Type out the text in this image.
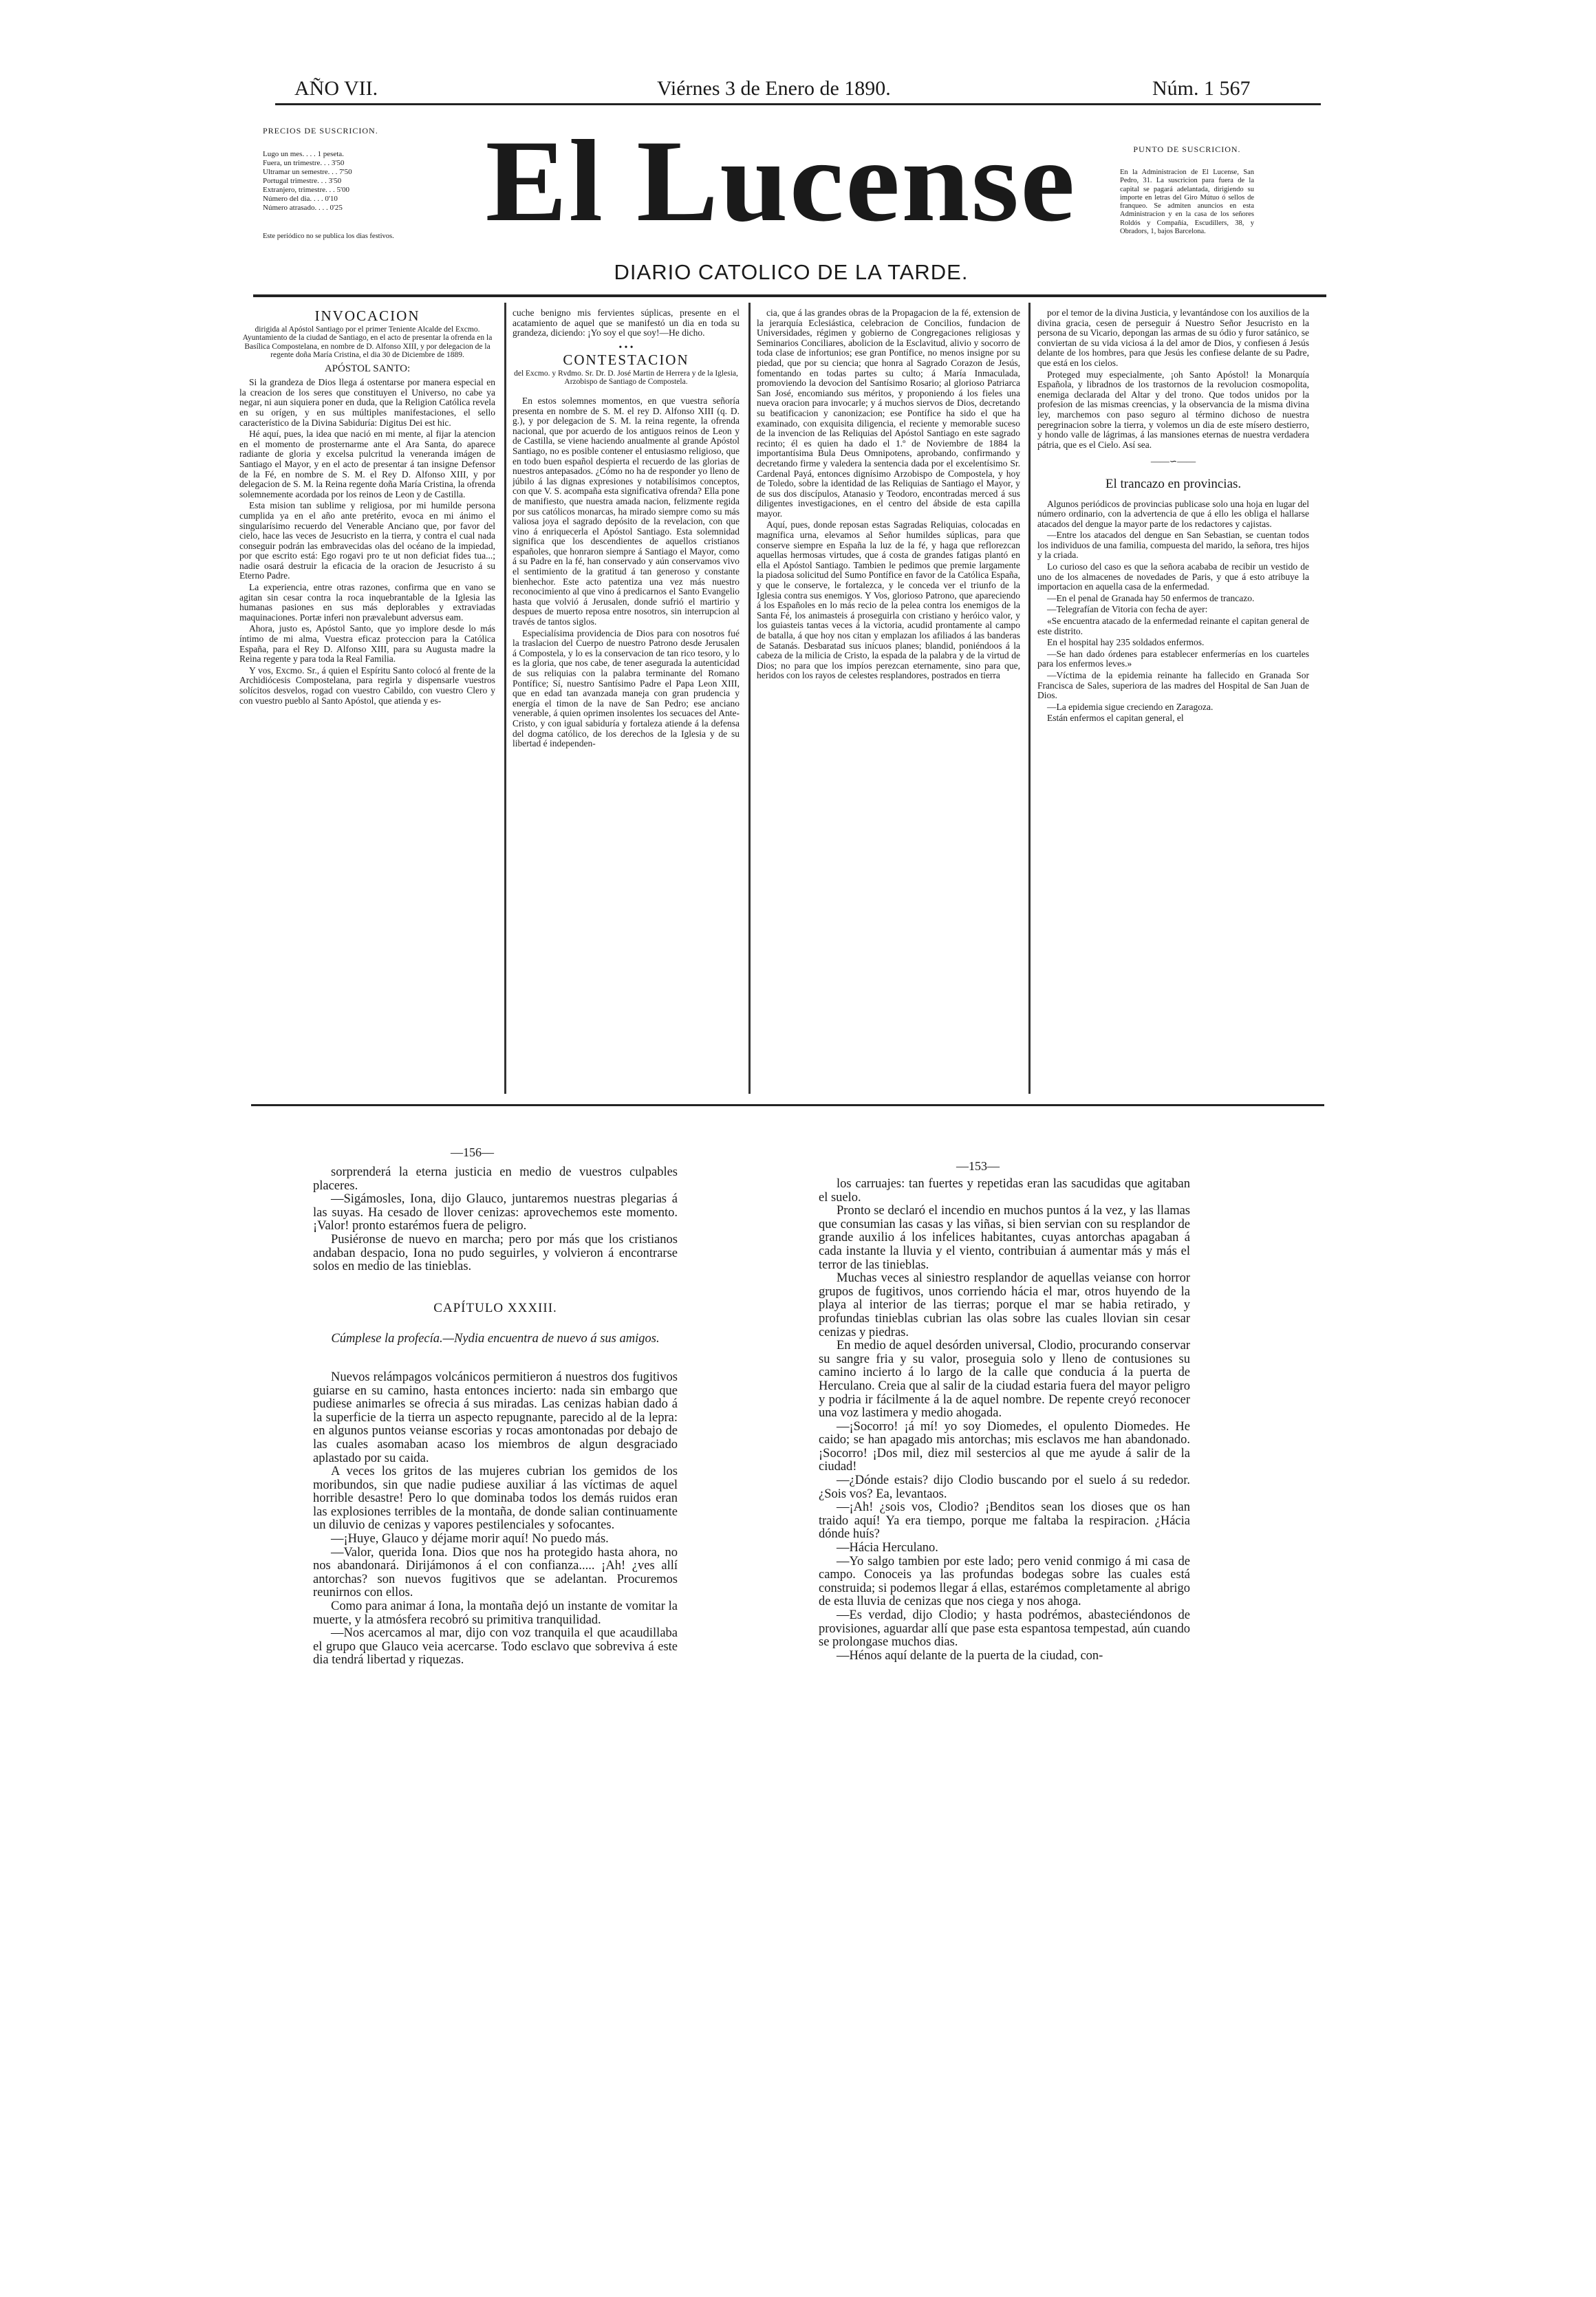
AÑO VII.	Viérnes 3 de Enero de 1890.	Núm. 1 567
PRECIOS DE SUSCRICION.
Lugo un mes. . . . 1 peseta.
Fuera, un trimestre. . . 3'50
Ultramar un semestre. . . 7'50
Portugal trimestre. . . 3'50
Extranjero, trimestre. . . 5'00
Número del dia. . . . 0'10
Número atrasado. . . . 0'25
Este periódico no se publica los dias festivos. El Lucense
DIARIO CATOLICO DE LA TARDE.
PUNTO DE SUSCRICION.
En la Administracion de El Lucense, San Pedro, 31. La suscricion para fuera de la capital se pagará adelantada, dirigiendo su importe en letras del Giro Mútuo ó sellos de franqueo. Se admiten anuncios en esta Administracion y en la casa de los señores Roldós y Compañía, Escudillers, 38, y Obradors, 1, bajos Barcelona.

INVOCACION

dirigida al Apóstol Santiago por el primer Teniente Alcalde del Excmo. Ayuntamiento de la ciudad de Santiago, en el acto de presentar la ofrenda en la Basílica Compostelana, en nombre de D. Alfonso XIII, y por delegacion de la regente doña María Cristina, el dia 30 de Diciembre de 1889.

APÓSTOL SANTO:

Si la grandeza de Dios llega á ostentarse por manera especial en la creacion de los seres que constituyen el Universo, no cabe ya negar, ni aun siquiera poner en duda, que la Religion Católica revela en su orígen, y en sus múltiples manifestaciones, el sello característico de la Divina Sabiduría: Digitus Dei est hic.

Hé aquí, pues, la idea que nació en mi mente, al fijar la atencion en el momento de prosternarme ante el Ara Santa, do aparece radiante de gloria y excelsa pulcritud la veneranda imágen de Santiago el Mayor, y en el acto de presentar á tan insigne Defensor de la Fé, en nombre de S. M. el Rey D. Alfonso XIII, y por delegacion de S. M. la Reina regente doña María Cristina, la ofrenda solemnemente acordada por los reinos de Leon y de Castilla.

Esta mision tan sublime y religiosa, por mi humilde persona cumplida ya en el año ante pretérito, evoca en mi ánimo el singularísimo recuerdo del Venerable Anciano que, por favor del cielo, hace las veces de Jesucristo en la tierra, y contra el cual nada conseguir podrán las embravecidas olas del océano de la impiedad, por que escrito está: Ego rogavi pro te ut non deficiat fides tua...; nadie osará destruir la eficacia de la oracion de Jesucristo á su Eterno Padre.

La experiencia, entre otras razones, confirma que en vano se agitan sin cesar contra la roca inquebrantable de la Iglesia las humanas pasiones en sus más deplorables y extraviadas maquinaciones. Portæ inferi non prævalebunt adversus eam.

Ahora, justo es, Apóstol Santo, que yo implore desde lo más íntimo de mi alma, Vuestra eficaz proteccion para la Católica España, para el Rey D. Alfonso XIII, para su Augusta madre la Reina regente y para toda la Real Familia.

Y vos, Excmo. Sr., á quien el Espíritu Santo colocó al frente de la Archidiócesis Compostelana, para regirla y dispensarle vuestros solícitos desvelos, rogad con vuestro Cabildo, con vuestro Clero y con vuestro pueblo al Santo Apóstol, que atienda y es-

cuche benigno mis fervientes súplicas, presente en el acatamiento de aquel que se manifestó un dia en toda su grandeza, diciendo: ¡Yo soy el que soy!—He dicho.

• • •

CONTESTACION

del Excmo. y Rvdmo. Sr. Dr. D. José Martin de Herrera y de la Iglesia, Arzobispo de Santiago de Compostela.

En estos solemnes momentos, en que vuestra señoría presenta en nombre de S. M. el rey D. Alfonso XIII (q. D. g.), y por delegacion de S. M. la reina regente, la ofrenda nacional, que por acuerdo de los antiguos reinos de Leon y de Castilla, se viene haciendo anualmente al grande Apóstol Santiago, no es posible contener el entusiasmo religioso, que en todo buen español despierta el recuerdo de las glorias de nuestros antepasados. ¿Cómo no ha de responder yo lleno de júbilo á las dignas expresiones y notabilísimos conceptos, con que V. S. acompaña esta significativa ofrenda? Ella pone de manifiesto, que nuestra amada nacion, felizmente regida por sus católicos monarcas, ha mirado siempre como su más valiosa joya el sagrado depósito de la revelacion, con que vino á enriquecerla el Apóstol Santiago. Esta solemnidad significa que los descendientes de aquellos cristianos españoles, que honraron siempre á Santiago el Mayor, como á su Padre en la fé, han conservado y aún conservamos vivo el sentimiento de la gratitud á tan generoso y constante bienhechor. Este acto patentiza una vez más nuestro reconocimiento al que vino á predicarnos el Santo Evangelio hasta que volvió á Jerusalen, donde sufrió el martirio y despues de muerto reposa entre nosotros, sin interrupcion al través de tantos siglos.

Especialísima providencia de Dios para con nosotros fué la traslacion del Cuerpo de nuestro Patrono desde Jerusalen á Compostela, y lo es la conservacion de tan rico tesoro, y lo es la gloria, que nos cabe, de tener asegurada la autenticidad de sus reliquias con la palabra terminante del Romano Pontífice; Sí, nuestro Santísimo Padre el Papa Leon XIII, que en edad tan avanzada maneja con gran prudencia y energía el timon de la nave de San Pedro; ese anciano venerable, á quien oprimen insolentes los secuaces del Ante-Cristo, y con igual sabiduría y fortaleza atiende á la defensa del dogma católico, de los derechos de la Iglesia y de su libertad é independen-

cia, que á las grandes obras de la Propagacion de la fé, extension de la jerarquía Eclesiástica, celebracion de Concilios, fundacion de Universidades, régimen y gobierno de Congregaciones religiosas y Seminarios Conciliares, abolicion de la Esclavitud, alivio y socorro de toda clase de infortunios; ese gran Pontífice, no menos insigne por su piedad, que por su ciencia; que honra al Sagrado Corazon de Jesús, fomentando en todas partes su culto; á María Inmaculada, promoviendo la devocion del Santísimo Rosario; al glorioso Patriarca San José, encomiando sus méritos, y proponiendo á los fieles una nueva oracion para invocarle; y á muchos siervos de Dios, decretando su beatificacion y canonizacion; ese Pontífice ha sido el que ha examinado, con exquisita diligencia, el reciente y memorable suceso de la invencion de las Reliquias del Apóstol Santiago en este sagrado recinto; él es quien ha dado el 1.º de Noviembre de 1884 la importantísima Bula Deus Omnipotens, aprobando, confirmando y decretando firme y valedera la sentencia dada por el excelentísimo Sr. Cardenal Payá, entonces dignísimo Arzobispo de Compostela, y hoy de Toledo, sobre la identidad de las Reliquias de Santiago el Mayor, y de sus dos discípulos, Atanasio y Teodoro, encontradas merced á sus diligentes investigaciones, en el centro del ábside de esta capilla mayor.

Aquí, pues, donde reposan estas Sagradas Reliquias, colocadas en magnífica urna, elevamos al Señor humildes súplicas, para que conserve siempre en España la luz de la fé, y haga que reflorezcan aquellas hermosas virtudes, que á costa de grandes fatigas plantó en ella el Apóstol Santiago. Tambien le pedimos que premie largamente la piadosa solicitud del Sumo Pontífice en favor de la Católica España, y que le conserve, le fortalezca, y le conceda ver el triunfo de la Iglesia contra sus enemigos. Y Vos, glorioso Patrono, que apareciendo á los Españoles en lo más recio de la pelea contra los enemigos de la Santa Fé, los animasteis á proseguirla con cristiano y heróico valor, y los guiasteis tantas veces á la victoria, acudid prontamente al campo de batalla, á que hoy nos citan y emplazan los afiliados á las banderas de Satanás. Desbaratad sus inícuos planes; blandid, poniéndoos á la cabeza de la milicia de Cristo, la espada de la palabra y de la virtud de Dios; no para que los impíos perezcan eternamente, sino para que, heridos con los rayos de celestes resplandores, postrados en tierra

por el temor de la divina Justicia, y levantándose con los auxilios de la divina gracia, cesen de perseguir á Nuestro Señor Jesucristo en la persona de su Vicario, depongan las armas de su ódio y furor satánico, se conviertan de su vida viciosa á la del amor de Dios, y confiesen á Jesús delante de los hombres, para que Jesús les confiese delante de su Padre, que está en los cielos.

Proteged muy especialmente, ¡oh Santo Apóstol! la Monarquía Española, y libradnos de los trastornos de la revolucion cosmopolita, enemiga declarada del Altar y del trono. Que todos unidos por la profesion de las mismas creencias, y la observancia de la misma divina ley, marchemos con paso seguro al término dichoso de nuestra peregrinacion sobre la tierra, y volemos un dia de este mísero destierro, y hondo valle de lágrimas, á las mansiones eternas de nuestra verdadera pátria, que es el Cielo. Así sea.

——∽——

El trancazo en provincias.

Algunos periódicos de provincias publicase solo una hoja en lugar del número ordinario, con la advertencia de que á ello les obliga el hallarse atacados del dengue la mayor parte de los redactores y cajistas.

—Entre los atacados del dengue en San Sebastian, se cuentan todos los individuos de una familia, compuesta del marido, la señora, tres hijos y la criada.

Lo curioso del caso es que la señora acababa de recibir un vestido de uno de los almacenes de novedades de Paris, y que á esto atribuye la importacion en aquella casa de la enfermedad.

—En el penal de Granada hay 50 enfermos de trancazo.

—Telegrafían de Vitoria con fecha de ayer:

«Se encuentra atacado de la enfermedad reinante el capitan general de este distrito.

En el hospital hay 235 soldados enfermos.

—Se han dado órdenes para establecer enfermerías en los cuarteles para los enfermos leves.»

—Víctima de la epidemia reinante ha fallecido en Granada Sor Francisca de Sales, superiora de las madres del Hospital de San Juan de Dios.

—La epidemia sigue creciendo en Zaragoza.

Están enfermos el capitan general, el

—156—

sorprenderá la eterna justicia en medio de vuestros culpables placeres.

—Sigámosles, Iona, dijo Glauco, juntaremos nuestras plegarias á las suyas. Ha cesado de llover cenizas: aprovechemos este momento. ¡Valor! pronto estarémos fuera de peligro.

Pusiéronse de nuevo en marcha; pero por más que los cristianos andaban despacio, Iona no pudo seguirles, y volvieron á encontrarse solos en medio de las tinieblas.

CAPÍTULO XXXIII.

Cúmplese la profecía.—Nydia encuentra de nuevo á sus amigos.

Nuevos relámpagos volcánicos permitieron á nuestros dos fugitivos guiarse en su camino, hasta entonces incierto: nada sin embargo que pudiese animarles se ofrecia á sus miradas. Las cenizas habian dado á la superficie de la tierra un aspecto repugnante, parecido al de la lepra: en algunos puntos veianse escorias y rocas amontonadas por debajo de las cuales asomaban acaso los miembros de algun desgraciado aplastado por su caida.

A veces los gritos de las mujeres cubrian los gemidos de los moribundos, sin que nadie pudiese auxiliar á las víctimas de aquel horrible desastre! Pero lo que dominaba todos los demás ruidos eran las explosiones terribles de la montaña, de donde salian continuamente un diluvio de cenizas y vapores pestilenciales y sofocantes.

—¡Huye, Glauco y déjame morir aquí! No puedo más.

—Valor, querida Iona. Dios que nos ha protegido hasta ahora, no nos abandonará. Dirijámonos á el con confianza..... ¡Ah! ¿ves allí antorchas? son nuevos fugitivos que se adelantan. Procuremos reunirnos con ellos.

Como para animar á Iona, la montaña dejó un instante de vomitar la muerte, y la atmósfera recobró su primitiva tranquilidad.

—Nos acercamos al mar, dijo con voz tranquila el que acaudillaba el grupo que Glauco veia acercarse. Todo esclavo que sobreviva á este dia tendrá libertad y riquezas.

—153—

los carruajes: tan fuertes y repetidas eran las sacudidas que agitaban el suelo.

Pronto se declaró el incendio en muchos puntos á la vez, y las llamas que consumian las casas y las viñas, si bien servian con su resplandor de grande auxilio á los infelices habitantes, cuyas antorchas apagaban á cada instante la lluvia y el viento, contribuian á aumentar más y más el terror de las tinieblas.

Muchas veces al siniestro resplandor de aquellas veianse con horror grupos de fugitivos, unos corriendo hácia el mar, otros huyendo de la playa al interior de las tierras; porque el mar se habia retirado, y profundas tinieblas cubrian las olas sobre las cuales llovian sin cesar cenizas y piedras.

En medio de aquel desórden universal, Clodio, procurando conservar su sangre fria y su valor, proseguia solo y lleno de contusiones su camino incierto á lo largo de la calle que conducia á la puerta de Herculano. Creia que al salir de la ciudad estaria fuera del mayor peligro y podria ir fácilmente á la de aquel nombre. De repente creyó reconocer una voz lastimera y medio ahogada.

—¡Socorro! ¡á mí! yo soy Diomedes, el opulento Diomedes. He caido; se han apagado mis antorchas; mis esclavos me han abandonado. ¡Socorro! ¡Dos mil, diez mil sestercios al que me ayude á salir de la ciudad!

—¿Dónde estais? dijo Clodio buscando por el suelo á su rededor. ¿Sois vos? Ea, levantaos.

—¡Ah! ¿sois vos, Clodio? ¡Benditos sean los dioses que os han traido aquí! Ya era tiempo, porque me faltaba la respiracion. ¿Hácia dónde huís?

—Hácia Herculano.

—Yo salgo tambien por este lado; pero venid conmigo á mi casa de campo. Conoceis ya las profundas bodegas sobre las cuales está construida; si podemos llegar á ellas, estarémos completamente al abrigo de esta lluvia de cenizas que nos ciega y nos ahoga.

—Es verdad, dijo Clodio; y hasta podrémos, abasteciéndonos de provisiones, aguardar allí que pase esta espantosa tempestad, aún cuando se prolongase muchos dias.

—Hénos aquí delante de la puerta de la ciudad, con-
